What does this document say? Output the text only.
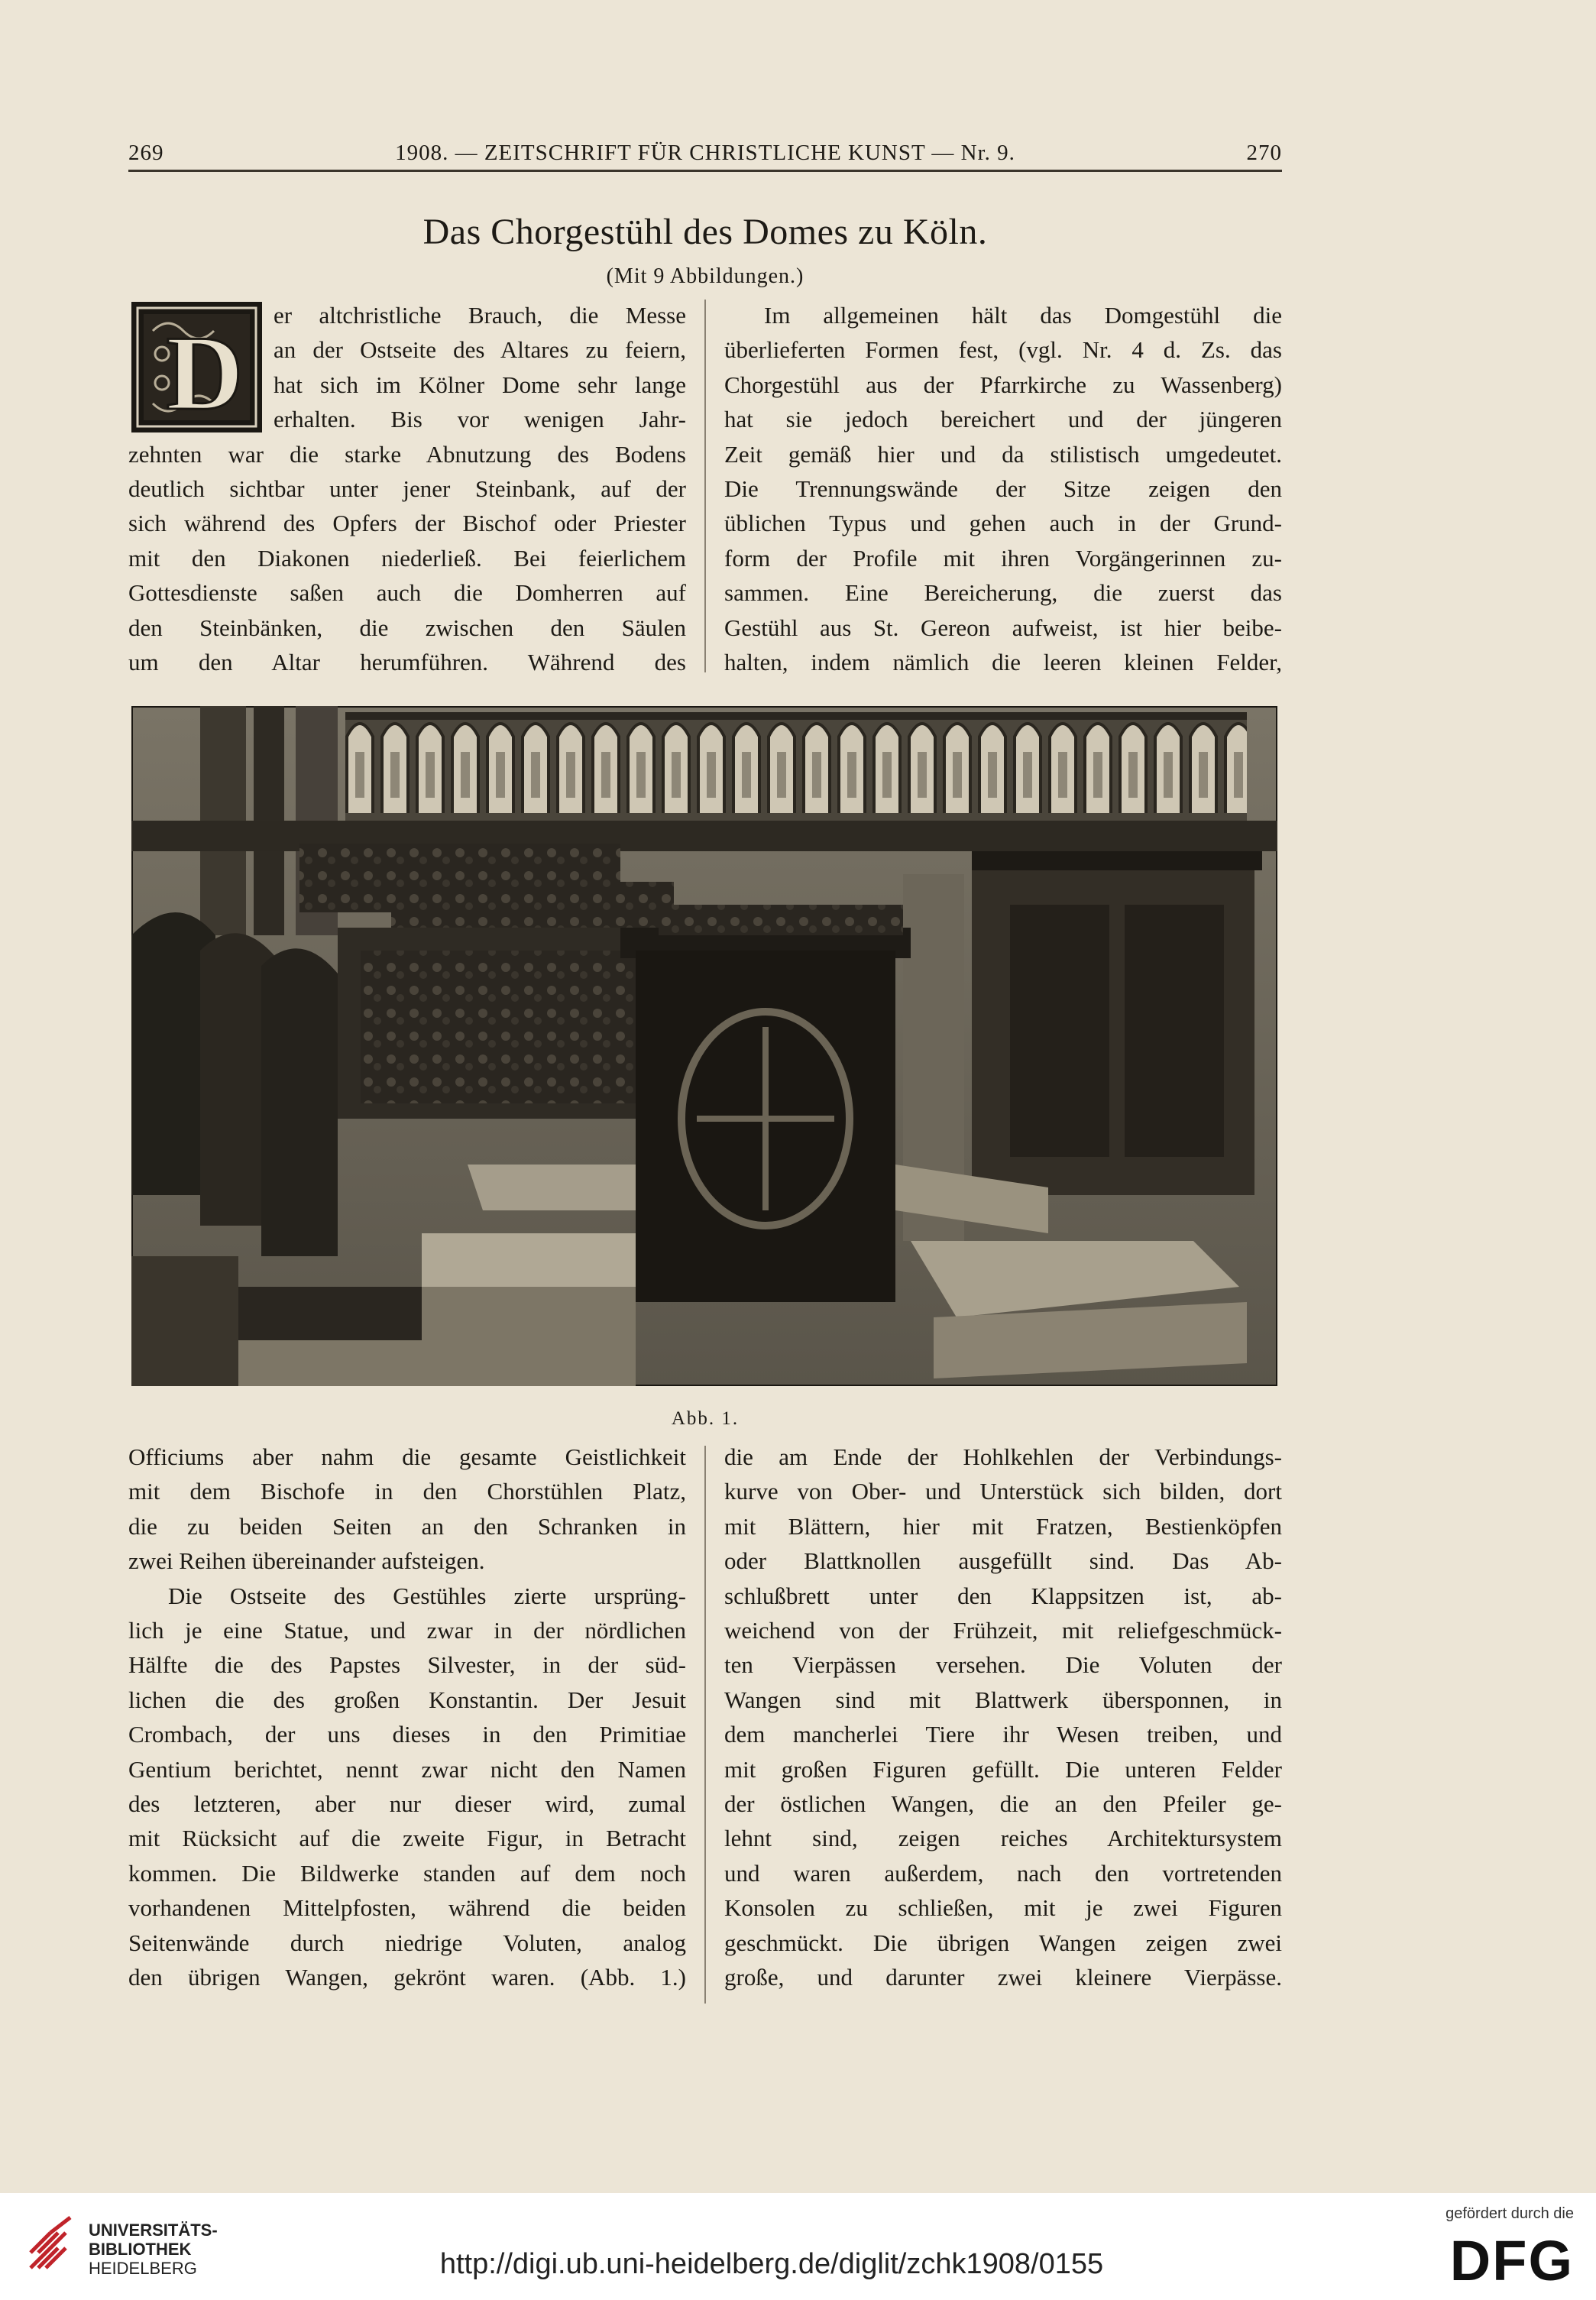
269	1908. — ZEITSCHRIFT FÜR CHRISTLICHE KUNST — Nr. 9.	270
Das Chorgestühl des Domes zu Köln.
(Mit 9 Abbildungen.)
D	er altchristliche Brauch, die Messe
an der Ostseite des Altares zu feiern,
hat sich im Kölner Dome sehr lange
erhalten. Bis vor wenigen Jahr-
zehnten war die starke Abnutzung des Bodens
deutlich sichtbar unter jener Steinbank, auf der
sich während des Opfers der Bischof oder Priester
mit den Diakonen niederließ. Bei feierlichem
Gottesdienste saßen auch die Domherren auf
den Steinbänken, die zwischen den Säulen
um den Altar herumführen. Während des
Im allgemeinen hält das Domgestühl die
überlieferten Formen fest, (vgl. Nr. 4 d. Zs. das
Chorgestühl aus der Pfarrkirche zu Wassenberg)
hat sie jedoch bereichert und der jüngeren
Zeit gemäß hier und da stilistisch umgedeutet.
Die Trennungswände der Sitze zeigen den
üblichen Typus und gehen auch in der Grund-
form der Profile mit ihren Vorgängerinnen zu-
sammen. Eine Bereicherung, die zuerst das
Gestühl aus St. Gereon aufweist, ist hier beibe-
halten, indem nämlich die leeren kleinen Felder,
Abb. 1.
Officiums aber nahm die gesamte Geistlichkeit
mit dem Bischofe in den Chorstühlen Platz,
die zu beiden Seiten an den Schranken in
zwei Reihen übereinander aufsteigen.
Die Ostseite des Gestühles zierte ursprüng-
lich je eine Statue, und zwar in der nördlichen
Hälfte die des Papstes Silvester, in der süd-
lichen die des großen Konstantin. Der Jesuit
Crombach, der uns dieses in den Primitiae
Gentium berichtet, nennt zwar nicht den Namen
des letzteren, aber nur dieser wird, zumal
mit Rücksicht auf die zweite Figur, in Betracht
kommen. Die Bildwerke standen auf dem noch
vorhandenen Mittelpfosten, während die beiden
Seitenwände durch niedrige Voluten, analog
den übrigen Wangen, gekrönt waren. (Abb. 1.)
die am Ende der Hohlkehlen der Verbindungs-
kurve von Ober- und Unterstück sich bilden, dort
mit Blättern, hier mit Fratzen, Bestienköpfen
oder Blattknollen ausgefüllt sind. Das Ab-
schlußbrett unter den Klappsitzen ist, ab-
weichend von der Frühzeit, mit reliefgeschmück-
ten Vierpässen versehen. Die Voluten der
Wangen sind mit Blattwerk übersponnen, in
dem mancherlei Tiere ihr Wesen treiben, und
mit großen Figuren gefüllt. Die unteren Felder
der östlichen Wangen, die an den Pfeiler ge-
lehnt sind, zeigen reiches Architektursystem
und waren außerdem, nach den vortretenden
Konsolen zu schließen, mit je zwei Figuren
geschmückt. Die übrigen Wangen zeigen zwei
große, und darunter zwei kleinere Vierpässe.
UNIVERSITÄTS-
BIBLIOTHEK
HEIDELBERG	http://digi.ub.uni-heidelberg.de/diglit/zchk1908/0155
gefördert durch die
DFG
